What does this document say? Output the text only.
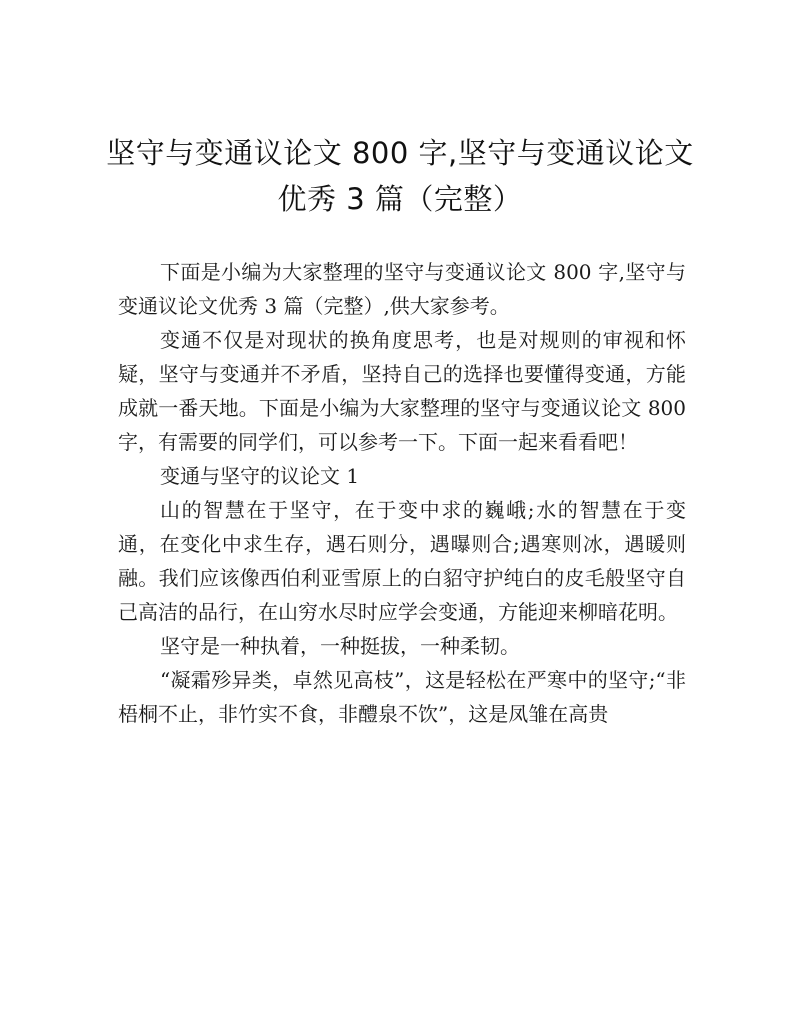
坚守与变通议论文 800 字,坚守与变通议论文
优秀 3 篇（完整）

下面是小编为大家整理的坚守与变通议论文 800 字,坚守与变通议论文优秀 3 篇（完整）,供大家参考。

变通不仅是对现状的换角度思考，也是对规则的审视和怀疑，坚守与变通并不矛盾，坚持自己的选择也要懂得变通，方能成就一番天地。下面是小编为大家整理的坚守与变通议论文 800 字，有需要的同学们，可以参考一下。下面一起来看看吧！

变通与坚守的议论文 1

山的智慧在于坚守，在于变中求的巍峨;水的智慧在于变通，在变化中求生存，遇石则分，遇曝则合;遇寒则冰，遇暖则融。我们应该像西伯利亚雪原上的白貂守护纯白的皮毛般坚守自己高洁的品行，在山穷水尽时应学会变通，方能迎来柳暗花明。

坚守是一种执着，一种挺拔，一种柔韧。

“凝霜殄异类，卓然见高枝”，这是轻松在严寒中的坚守;“非梧桐不止，非竹实不食，非醴泉不饮”，这是凤雏在高贵
